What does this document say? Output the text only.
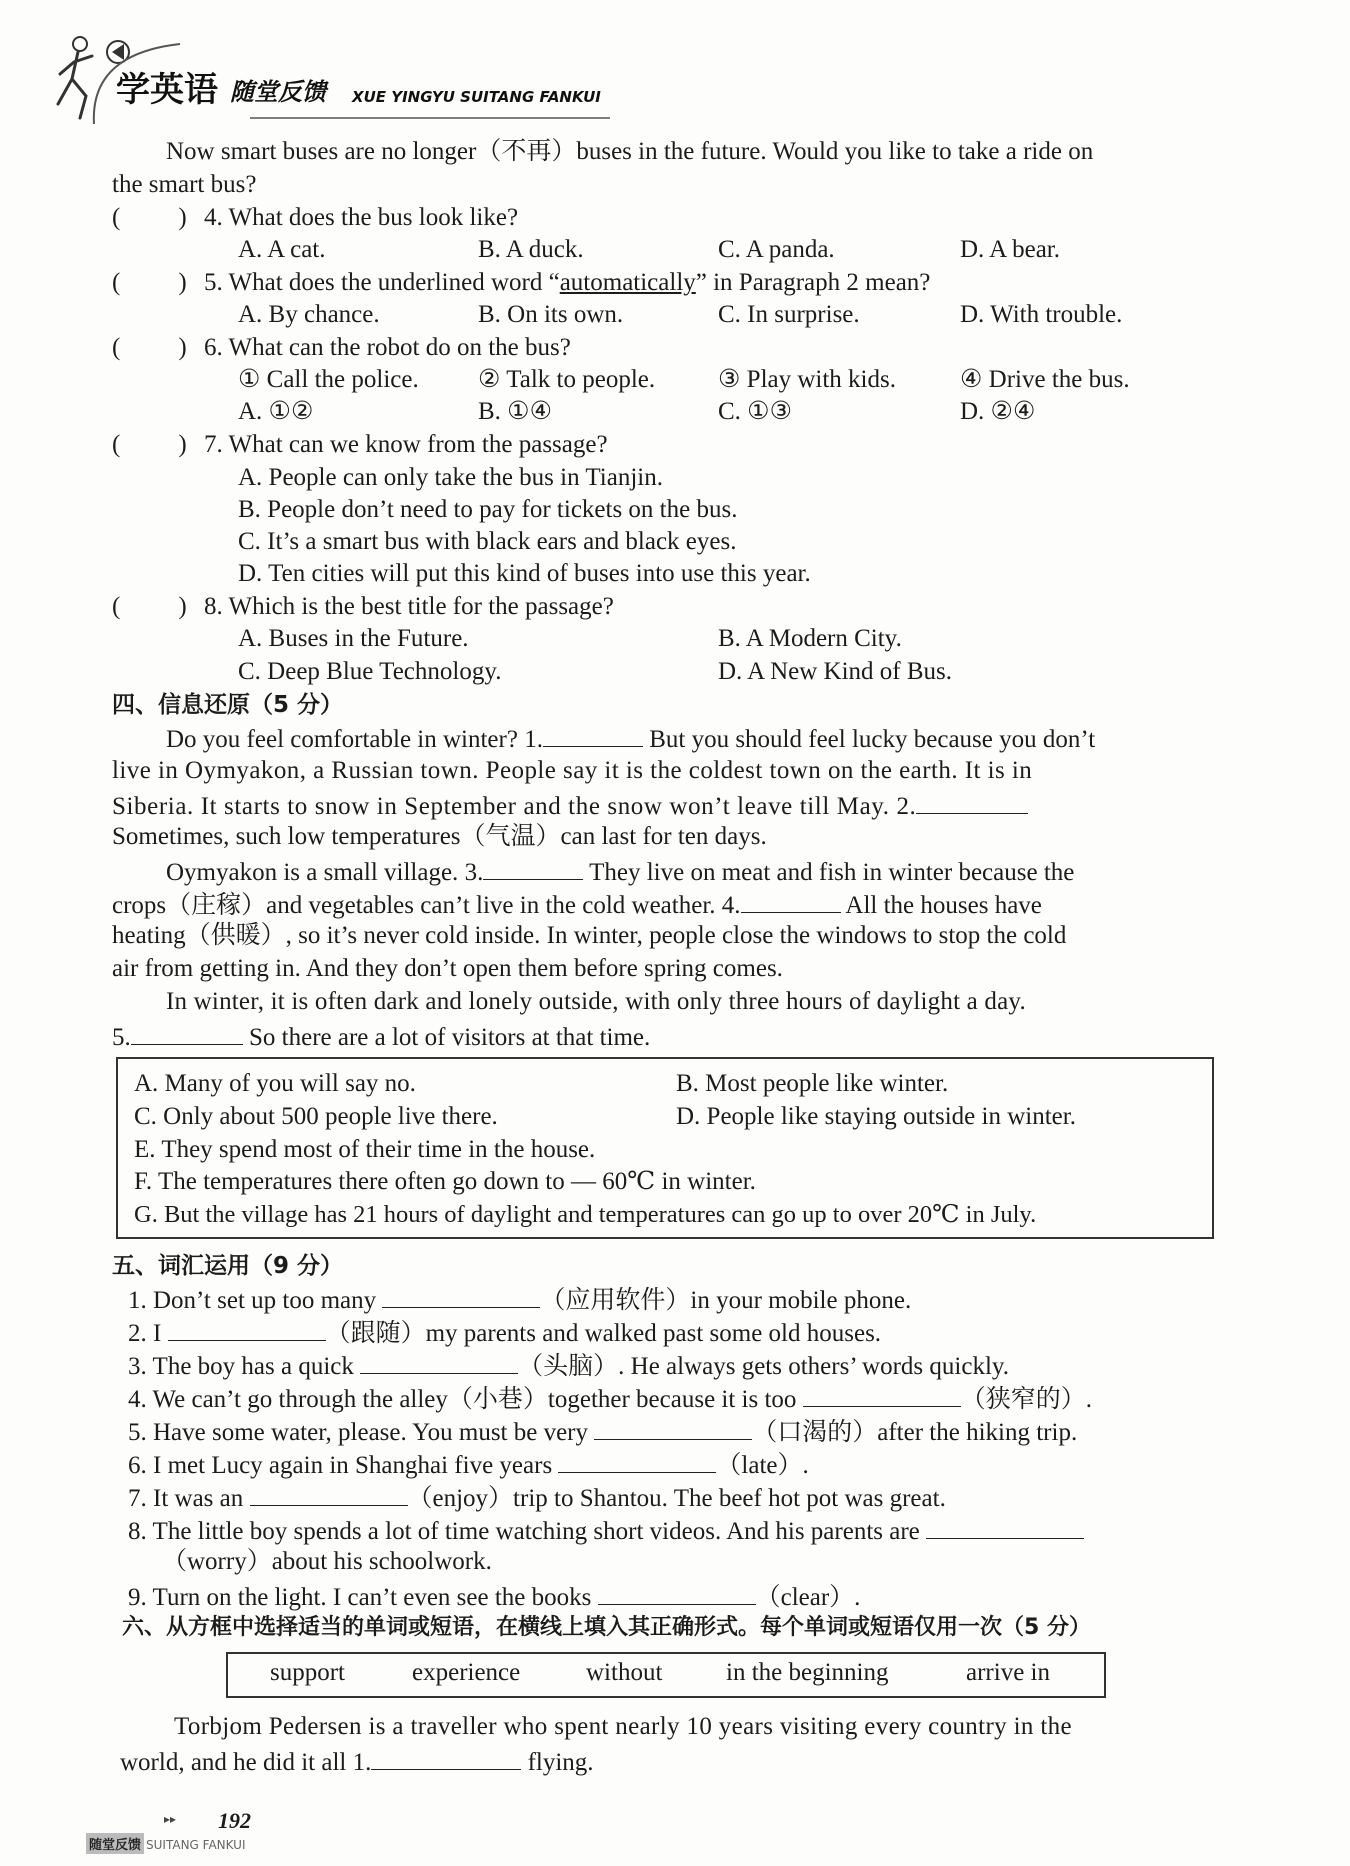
学英语 随堂反馈 XUE YINGYU SUITANG FANKUI
Now smart buses are no longer（不再）buses in the future. Would you like to take a ride on
the smart bus?
( ) 4. What does the bus look like?
A. A cat.	B. A duck.	C. A panda.	D. A bear.
( ) 5. What does the underlined word “automatically” in Paragraph 2 mean?
A. By chance.	B. On its own.	C. In surprise.	D. With trouble.
( ) 6. What can the robot do on the bus?
① Call the police. ② Talk to people.	③ Play with kids.	④ Drive the bus.
A. ①②	B. ①④	C. ①③	D. ②④
( ) 7. What can we know from the passage?
A. People can only take the bus in Tianjin.
B. People don’t need to pay for tickets on the bus.
C. It’s a smart bus with black ears and black eyes.
D. Ten cities will put this kind of buses into use this year.
( ) 8. Which is the best title for the passage?
A. Buses in the Future.	B. A Modern City.
C. Deep Blue Technology.	D. A New Kind of Bus.
四、信息还原（5 分）
Do you feel comfortable in winter? 1.	But you should feel lucky because you don’t
live in Oymyakon, a Russian town. People say it is the coldest town on the earth. It is in
Siberia. It starts to snow in September and the snow won’t leave till May. 2.
Sometimes, such low temperatures（气温）can last for ten days.
Oymyakon is a small village. 3.	They live on meat and fish in winter because the
crops（庄稼）and vegetables can’t live in the cold weather. 4.	All the houses have
heating（供暖）, so it’s never cold inside. In winter, people close the windows to stop the cold
air from getting in. And they don’t open them before spring comes.
In winter, it is often dark and lonely outside, with only three hours of daylight a day.
5.	So there are a lot of visitors at that time.
A. Many of you will say no.	B. Most people like winter.
C. Only about 500 people live there.	D. People like staying outside in winter.
E. They spend most of their time in the house.
F. The temperatures there often go down to — 60℃ in winter.
G. But the village has 21 hours of daylight and temperatures can go up to over 20℃ in July.
五、词汇运用（9 分）
1. Don’t set up too many	（应用软件）in your mobile phone.
2. I	（跟随）my parents and walked past some old houses.
3. The boy has a quick	（头脑）. He always gets others’ words quickly.
4. We can’t go through the alley（小巷）together because it is too	（狭窄的）.
5. Have some water, please. You must be very	（口渴的）after the hiking trip.
6. I met Lucy again in Shanghai five years	（late）.
7. It was an	（enjoy）trip to Shantou. The beef hot pot was great.
8. The little boy spends a lot of time watching short videos. And his parents are
（worry）about his schoolwork.
9. Turn on the light. I can’t even see the books	（clear）.
六、从方框中选择适当的单词或短语，在横线上填入其正确形式。每个单词或短语仅用一次（5 分）
support	experience	without	in the beginning	arrive in
Torbjom Pedersen is a traveller who spent nearly 10 years visiting every country in the
world, and he did it all 1.	flying.
▸▸ 192
随堂反馈 SUITANG FANKUI
